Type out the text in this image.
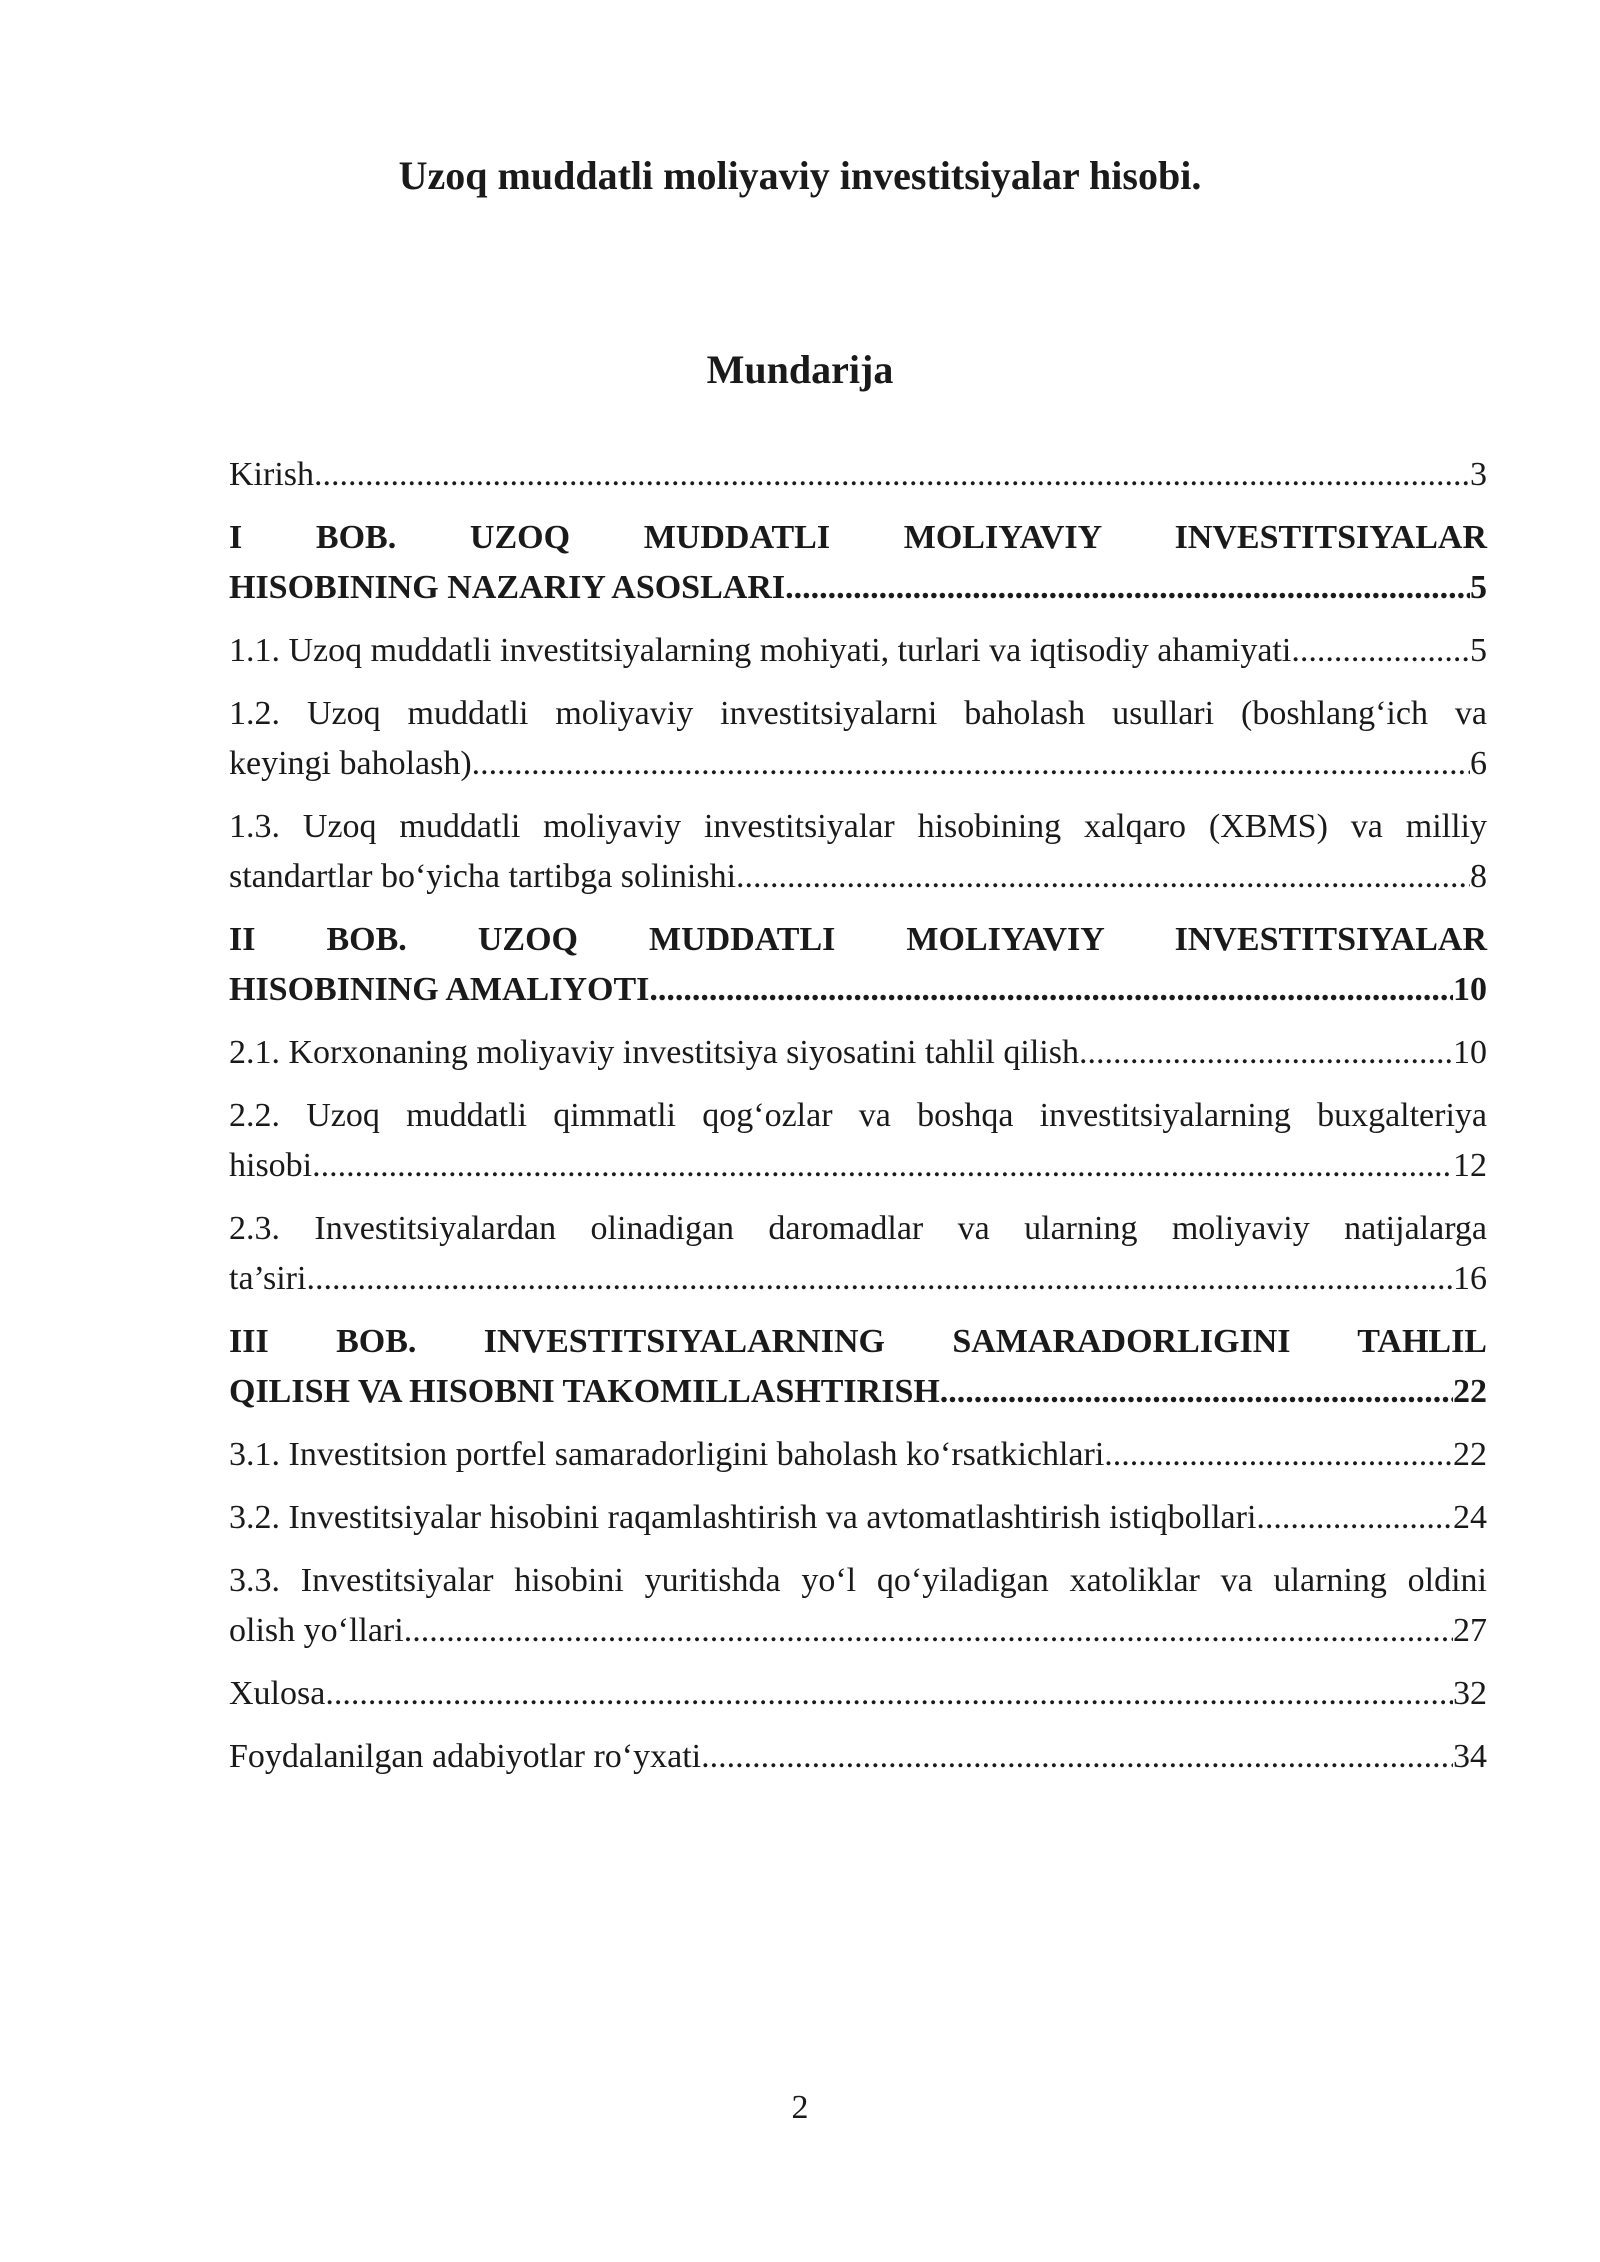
Uzoq muddatli moliyaviy investitsiyalar hisobi.
Mundarija
Kirish .....	3
I BOB. UZOQ MUDDATLI MOLIYAVIY INVESTITSIYALAR
HISOBINING NAZARIY ASOSLARI .....	5
1.1. Uzoq muddatli investitsiyalarning mohiyati, turlari va iqtisodiy ahamiyati .....	5
1.2. Uzoq muddatli moliyaviy investitsiyalarni baholash usullari (boshlang‘ich va
keyingi baholash) .....	6
1.3. Uzoq muddatli moliyaviy investitsiyalar hisobining xalqaro (XBMS) va milliy
standartlar bo‘yicha tartibga solinishi .....	8
II BOB. UZOQ MUDDATLI MOLIYAVIY INVESTITSIYALAR
HISOBINING AMALIYOTI .....	10
2.1. Korxonaning moliyaviy investitsiya siyosatini tahlil qilish .....	10
2.2. Uzoq muddatli qimmatli qog‘ozlar va boshqa investitsiyalarning buxgalteriya
hisobi .....	12
2.3. Investitsiyalardan olinadigan daromadlar va ularning moliyaviy natijalarga
ta’siri .....	16
III BOB. INVESTITSIYALARNING SAMARADORLIGINI TAHLIL
QILISH VA HISOBNI TAKOMILLASHTIRISH .....	22
3.1. Investitsion portfel samaradorligini baholash ko‘rsatkichlari .....	22
3.2. Investitsiyalar hisobini raqamlashtirish va avtomatlashtirish istiqbollari .....	24
3.3. Investitsiyalar hisobini yuritishda yo‘l qo‘yiladigan xatoliklar va ularning oldini
olish yo‘llari .....	27
Xulosa .....	32
Foydalanilgan adabiyotlar ro‘yxati .....	34
2
